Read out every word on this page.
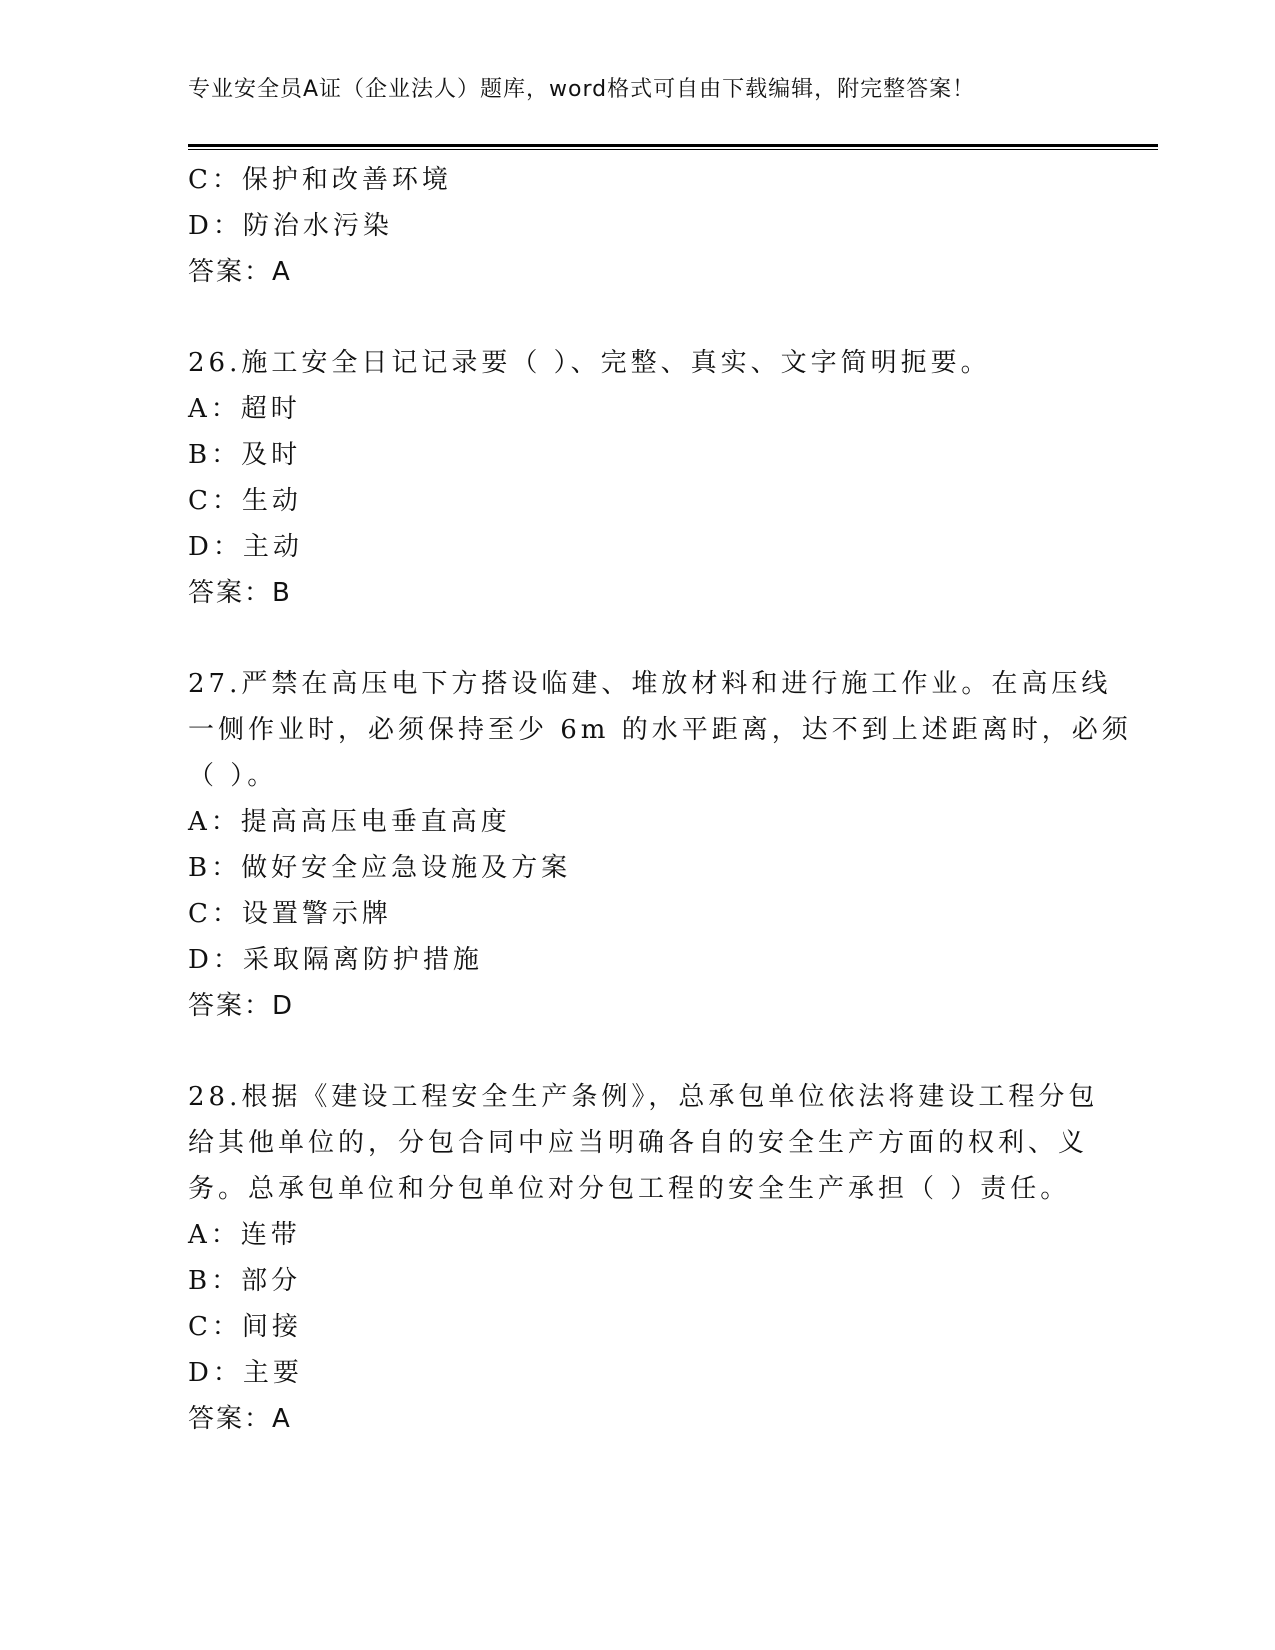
专业安全员A证（企业法人）题库，word格式可自由下载编辑，附完整答案！
C：保护和改善环境
D：防治水污染
答案：A
26.施工安全日记记录要（ ）、完整、真实、文字简明扼要。
A：超时
B：及时
C：生动
D：主动
答案：B
27.严禁在高压电下方搭设临建、堆放材料和进行施工作业。在高压线
一侧作业时，必须保持至少 6m 的水平距离，达不到上述距离时，必须
（ ）。
A：提高高压电垂直高度
B：做好安全应急设施及方案
C：设置警示牌
D：采取隔离防护措施
答案：D
28.根据《建设工程安全生产条例》，总承包单位依法将建设工程分包
给其他单位的，分包合同中应当明确各自的安全生产方面的权利、义
务。总承包单位和分包单位对分包工程的安全生产承担（ ）责任。
A：连带
B：部分
C：间接
D：主要
答案：A
